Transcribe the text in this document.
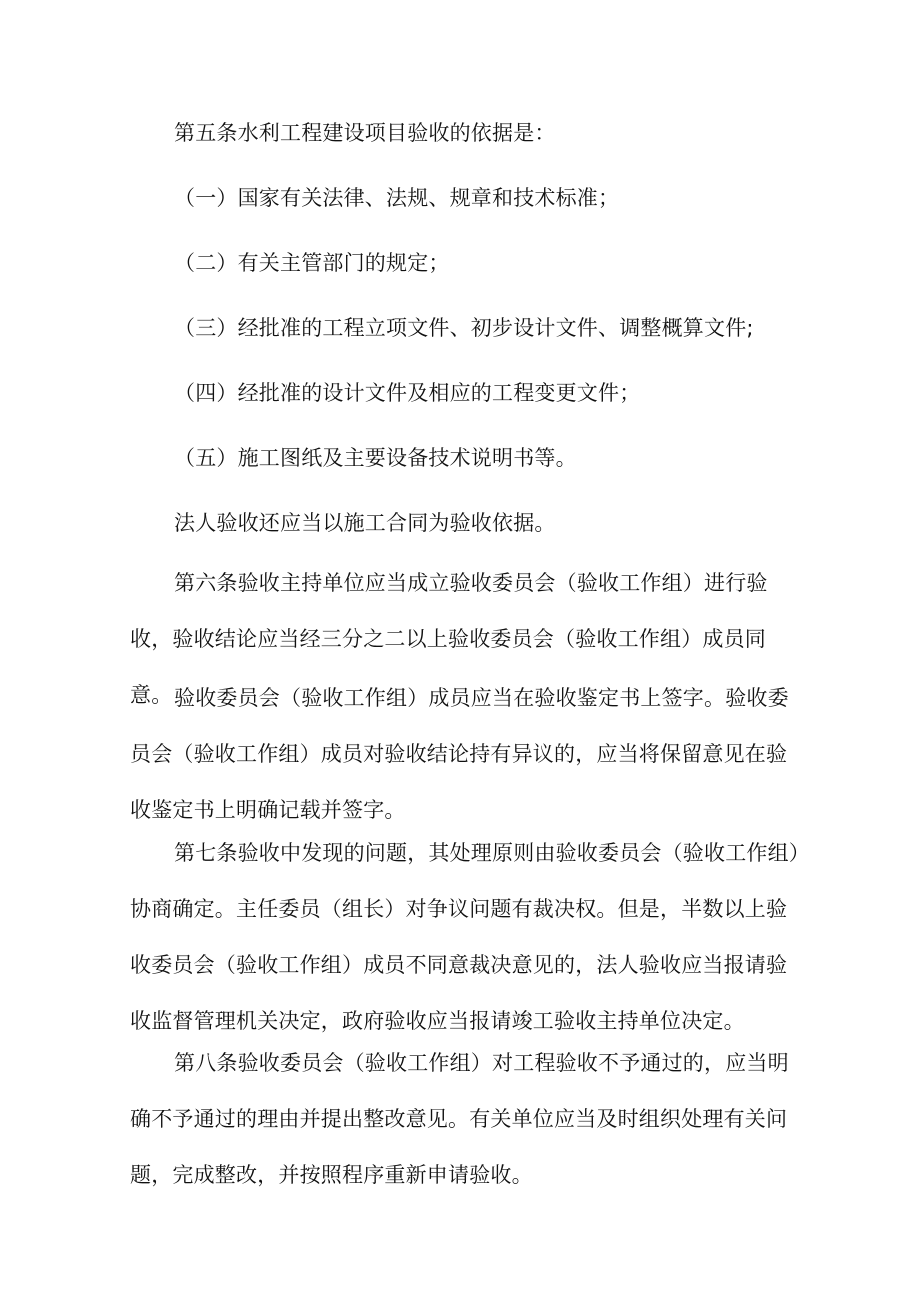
第五条水利工程建设项目验收的依据是：
（一）国家有关法律、法规、规章和技术标准；
（二）有关主管部门的规定；
（三）经批准的工程立项文件、初步设计文件、调整概算文件;
（四）经批准的设计文件及相应的工程变更文件；
（五）施工图纸及主要设备技术说明书等。
法人验收还应当以施工合同为验收依据。
第六条验收主持单位应当成立验收委员会（验收工作组）进行验收，验收结论应当经三分之二以上验收委员会（验收工作组）成员同意。 验收委员会（验收工作组）成员应当在验收鉴定书上签字。验收委员会（验收工作组）成员对验收结论持有异议的，应当将保留意见在验收鉴定书上明确记载并签字。
第七条验收中发现的问题，其处理原则由验收委员会（验收工作组）协商确定。主任委员（组长）对争议问题有裁决权。但是，半数以上验收委员会（验收工作组）成员不同意裁决意见的，法人验收应当报请验收监督管理机关决定，政府验收应当报请竣工验收主持单位决定。
第八条验收委员会（验收工作组）对工程验收不予通过的，应当明确不予通过的理由并提出整改意见。有关单位应当及时组织处理有关问题，完成整改，并按照程序重新申请验收。
